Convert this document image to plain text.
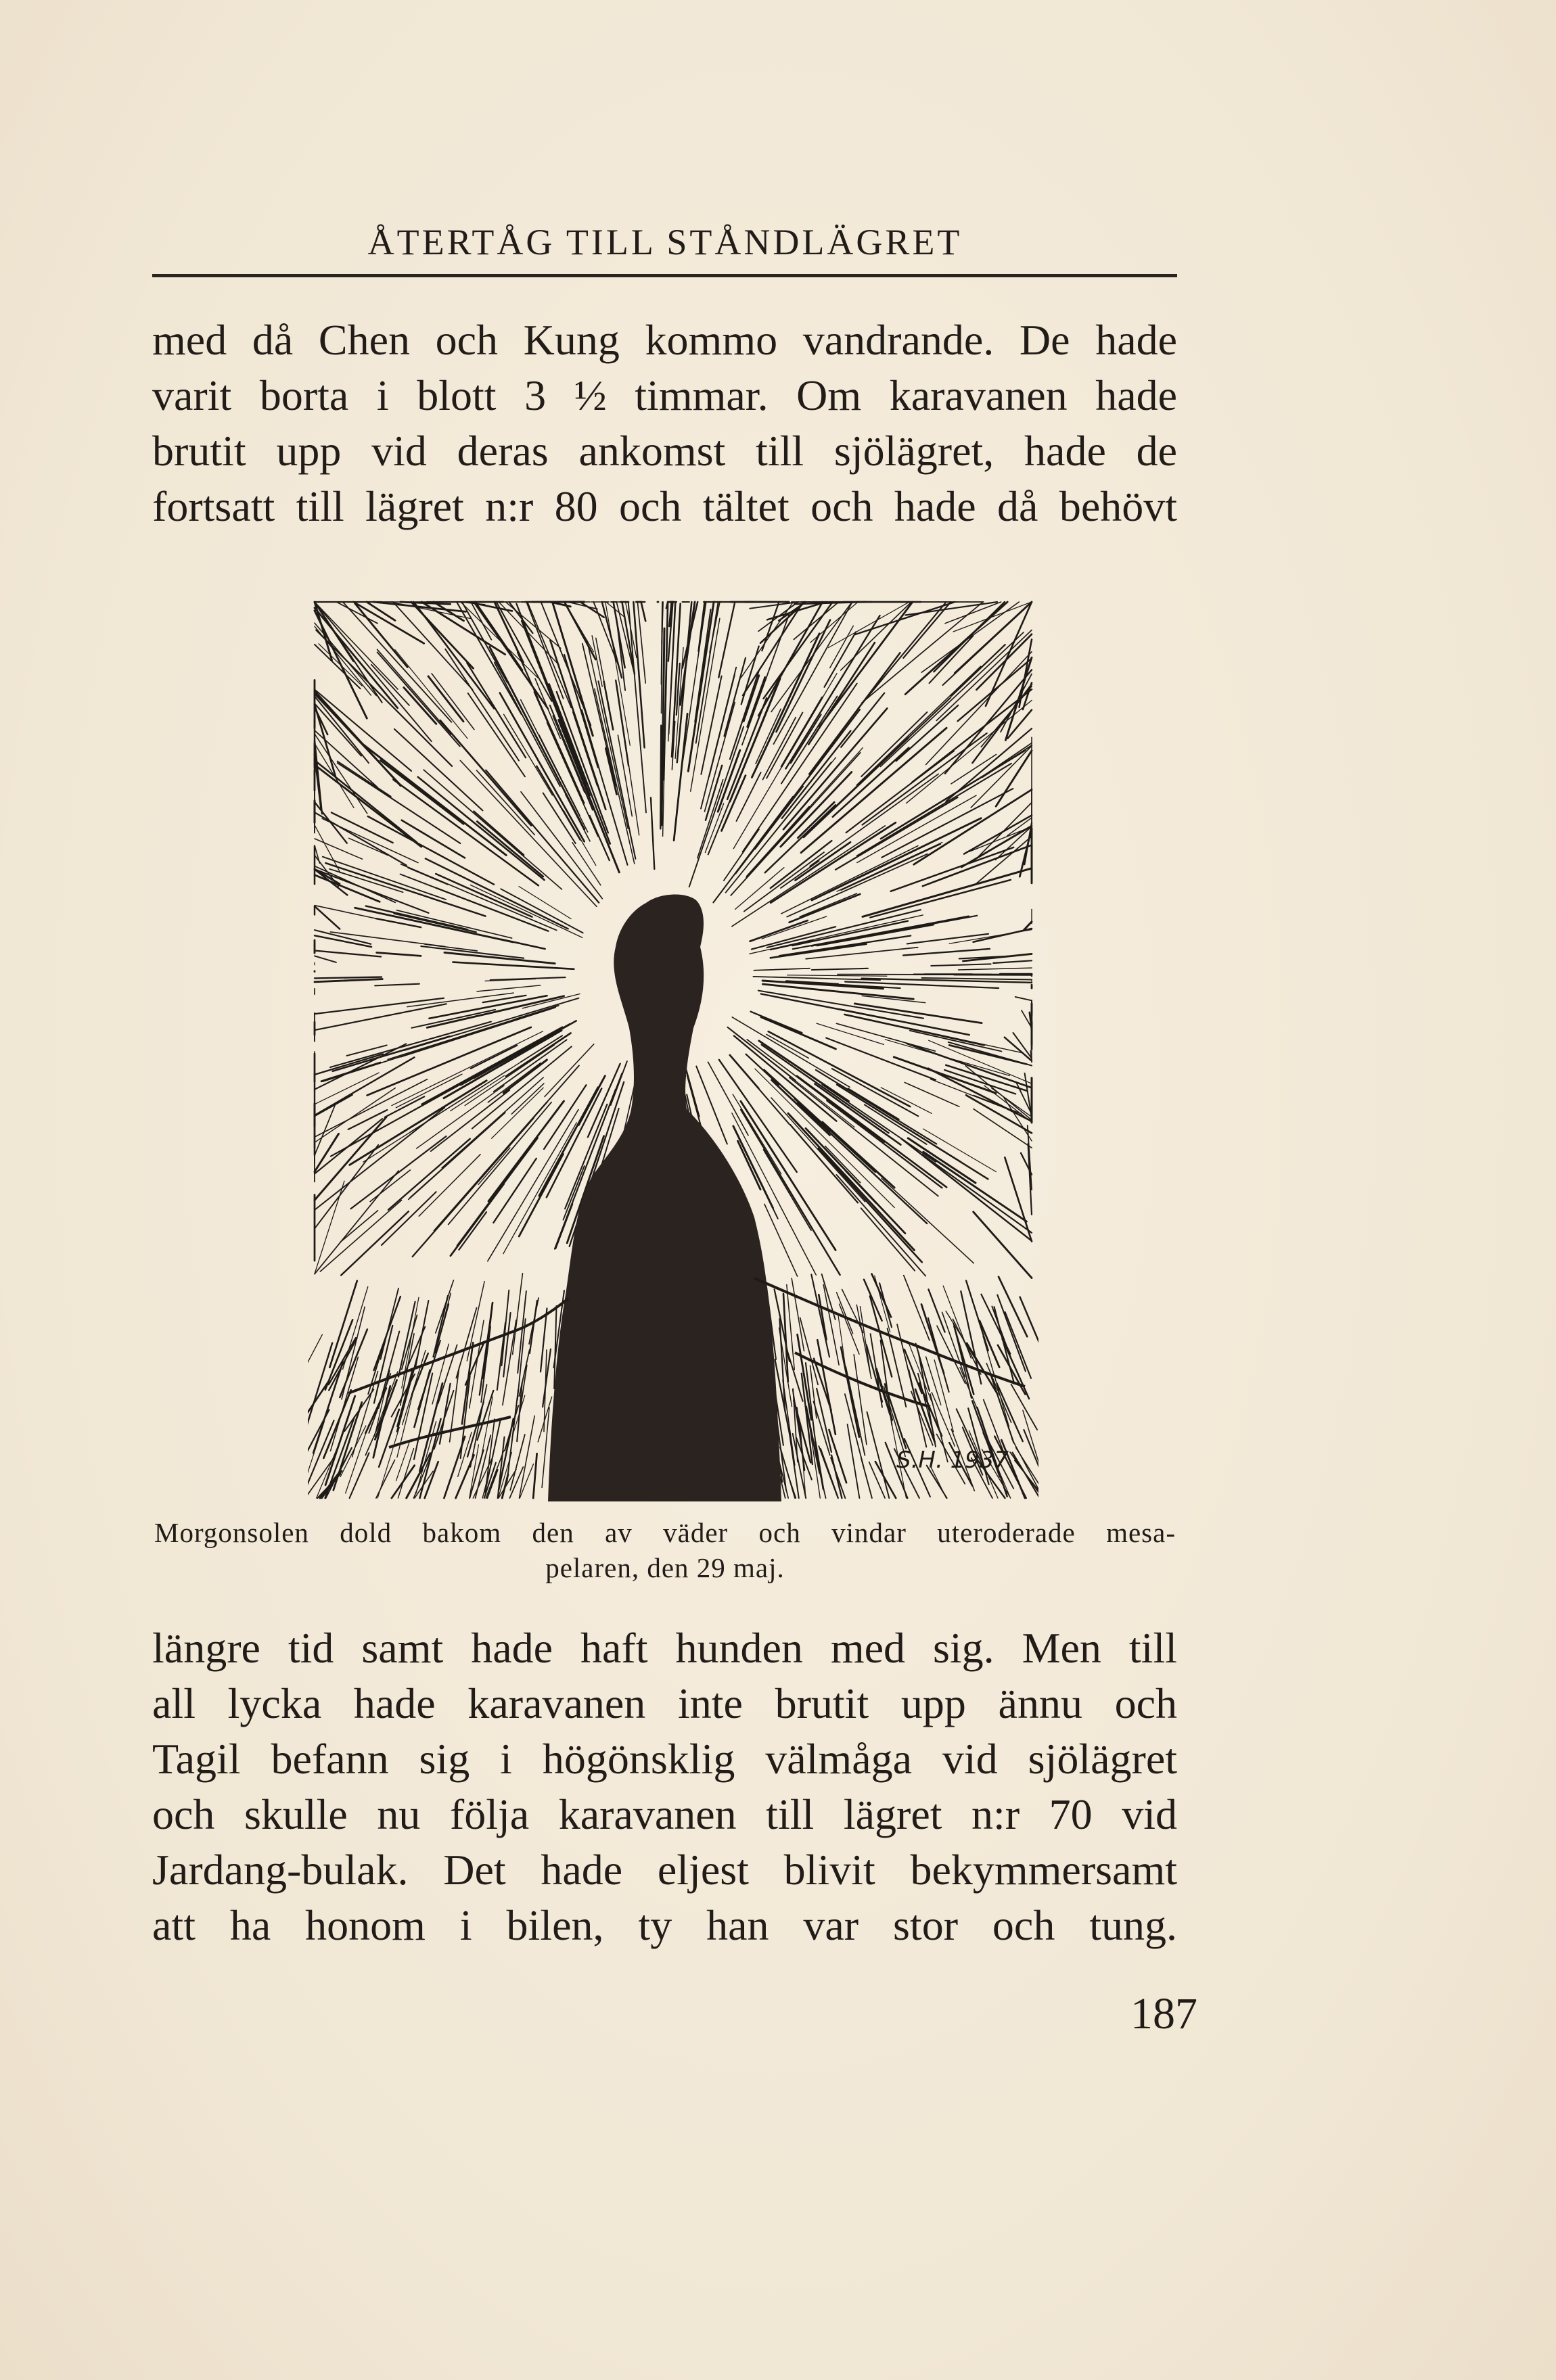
ÅTERTÅG TILL STÅNDLÄGRET
med då Chen och Kung kommo vandrande. De hade
varit borta i blott 3 ½ timmar. Om karavanen hade
brutit upp vid deras ankomst till sjölägret, hade de
fortsatt till lägret n:r 80 och tältet och hade då behövt
S.H. 1937
Morgonsolen dold bakom den av väder och vindar uteroderade mesa-
pelaren, den 29 maj.
längre tid samt hade haft hunden med sig. Men till
all lycka hade karavanen inte brutit upp ännu och
Tagil befann sig i högönsklig välmåga vid sjölägret
och skulle nu följa karavanen till lägret n:r 70 vid
Jardang-bulak. Det hade eljest blivit bekymmersamt
att ha honom i bilen, ty han var stor och tung.
187
